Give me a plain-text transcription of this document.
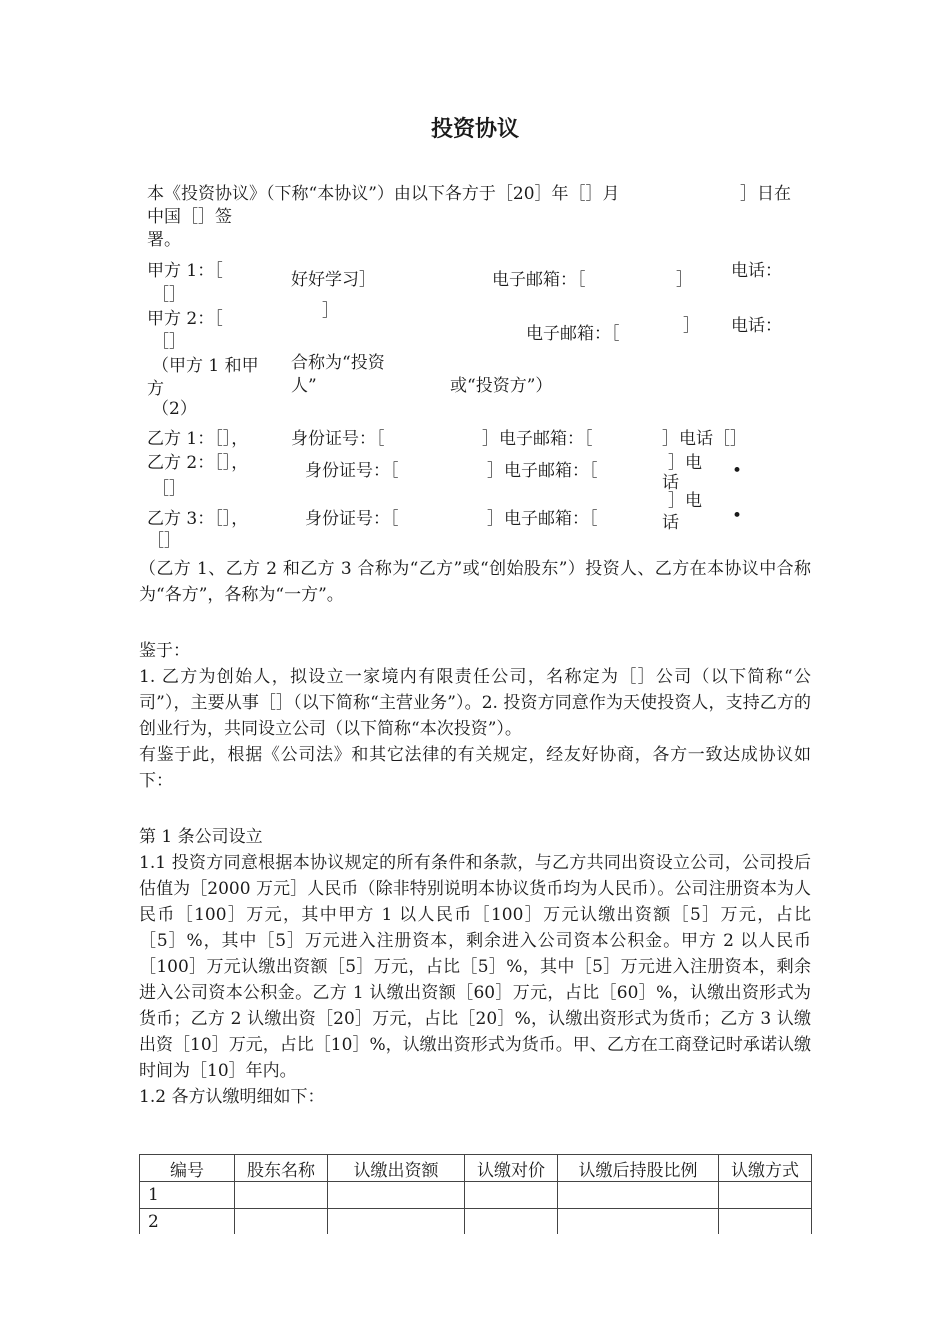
投资协议
本《投资协议》（下称“本协议”）由以下各方于［20］年［］月	］日在
中国［］签
署。
甲方 1：［	好好学习］	电子邮箱：［	］ 电话：
［］
甲方 2：［	］
电子邮箱：［	］ 电话：
［］
（甲方 1 和甲
方
（2）
合称为“投资
人”	或“投资方”）
乙方 1：［］，	身份证号：［	］电子邮箱：［	］电话［］
乙方 2：［］，	身份证号：［	］电子邮箱：［	］电
话
•
［］
乙方 3：［］，	身份证号：［	］电子邮箱：［
］电
话	•
［］

（乙方 1、乙方 2 和乙方 3 合称为“乙方”或“创始股东”）投资人、乙方在本协议中合称为“各方”，各称为“一方”。

鉴于：

1. 乙方为创始人，拟设立一家境内有限责任公司，名称定为［］公司（以下简称“公司”），主要从事［］（以下简称“主营业务”）。2. 投资方同意作为天使投资人，支持乙方的创业行为，共同设立公司（以下简称“本次投资”）。

有鉴于此，根据《公司法》和其它法律的有关规定，经友好协商，各方一致达成协议如下：

第 1 条公司设立

1.1 投资方同意根据本协议规定的所有条件和条款，与乙方共同出资设立公司，公司投后估值为［2000 万元］人民币（除非特别说明本协议货币均为人民币）。公司注册资本为人民币［100］万元，其中甲方 1 以人民币［100］万元认缴出资额［5］万元，占比［5］%，其中［5］万元进入注册资本，剩余进入公司资本公积金。甲方 2 以人民币［100］万元认缴出资额［5］万元，占比［5］%，其中［5］万元进入注册资本，剩余进入公司资本公积金。乙方 1 认缴出资额［60］万元，占比［60］%，认缴出资形式为货币；乙方 2 认缴出资［20］万元，占比［20］%，认缴出资形式为货币；乙方 3 认缴出资［10］万元，占比［10］%，认缴出资形式为货币。甲、乙方在工商登记时承诺认缴时间为［10］年内。

1.2 各方认缴明细如下：

编号	股东名称	认缴出资额	认缴对价	认缴后持股比例	认缴方式
1					
2					
